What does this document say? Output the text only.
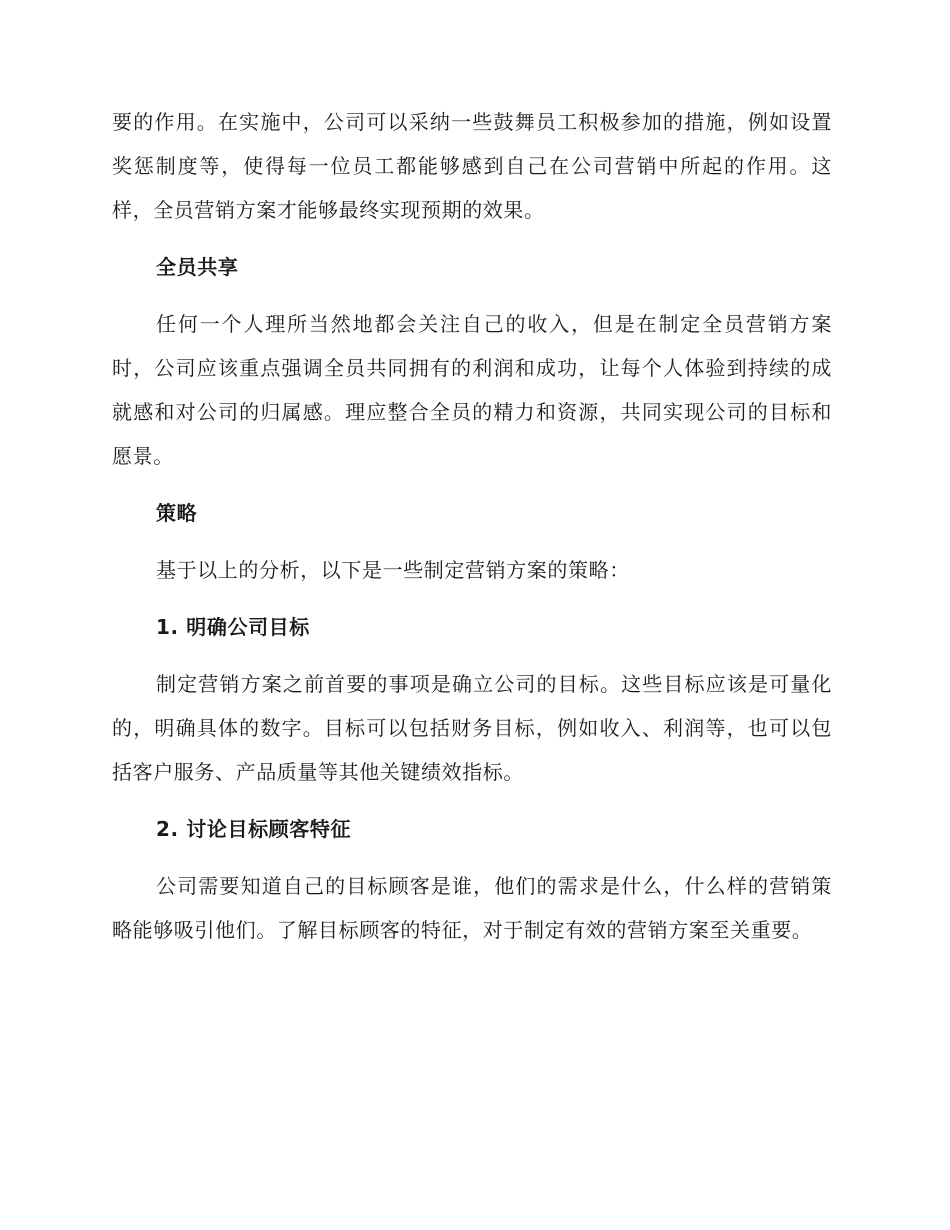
要的作用。在实施中，公司可以采纳一些鼓舞员工积极参加的措施，例如设置奖惩制度等，使得每一位员工都能够感到自己在公司营销中所起的作用。这样，全员营销方案才能够最终实现预期的效果。

全员共享

任何一个人理所当然地都会关注自己的收入，但是在制定全员营销方案时，公司应该重点强调全员共同拥有的利润和成功，让每个人体验到持续的成就感和对公司的归属感。理应整合全员的精力和资源，共同实现公司的目标和愿景。

策略

基于以上的分析，以下是一些制定营销方案的策略：

1. 明确公司目标

制定营销方案之前首要的事项是确立公司的目标。这些目标应该是可量化的，明确具体的数字。目标可以包括财务目标，例如收入、利润等，也可以包括客户服务、产品质量等其他关键绩效指标。

2. 讨论目标顾客特征

公司需要知道自己的目标顾客是谁，他们的需求是什么，什么样的营销策略能够吸引他们。了解目标顾客的特征，对于制定有效的营销方案至关重要。
